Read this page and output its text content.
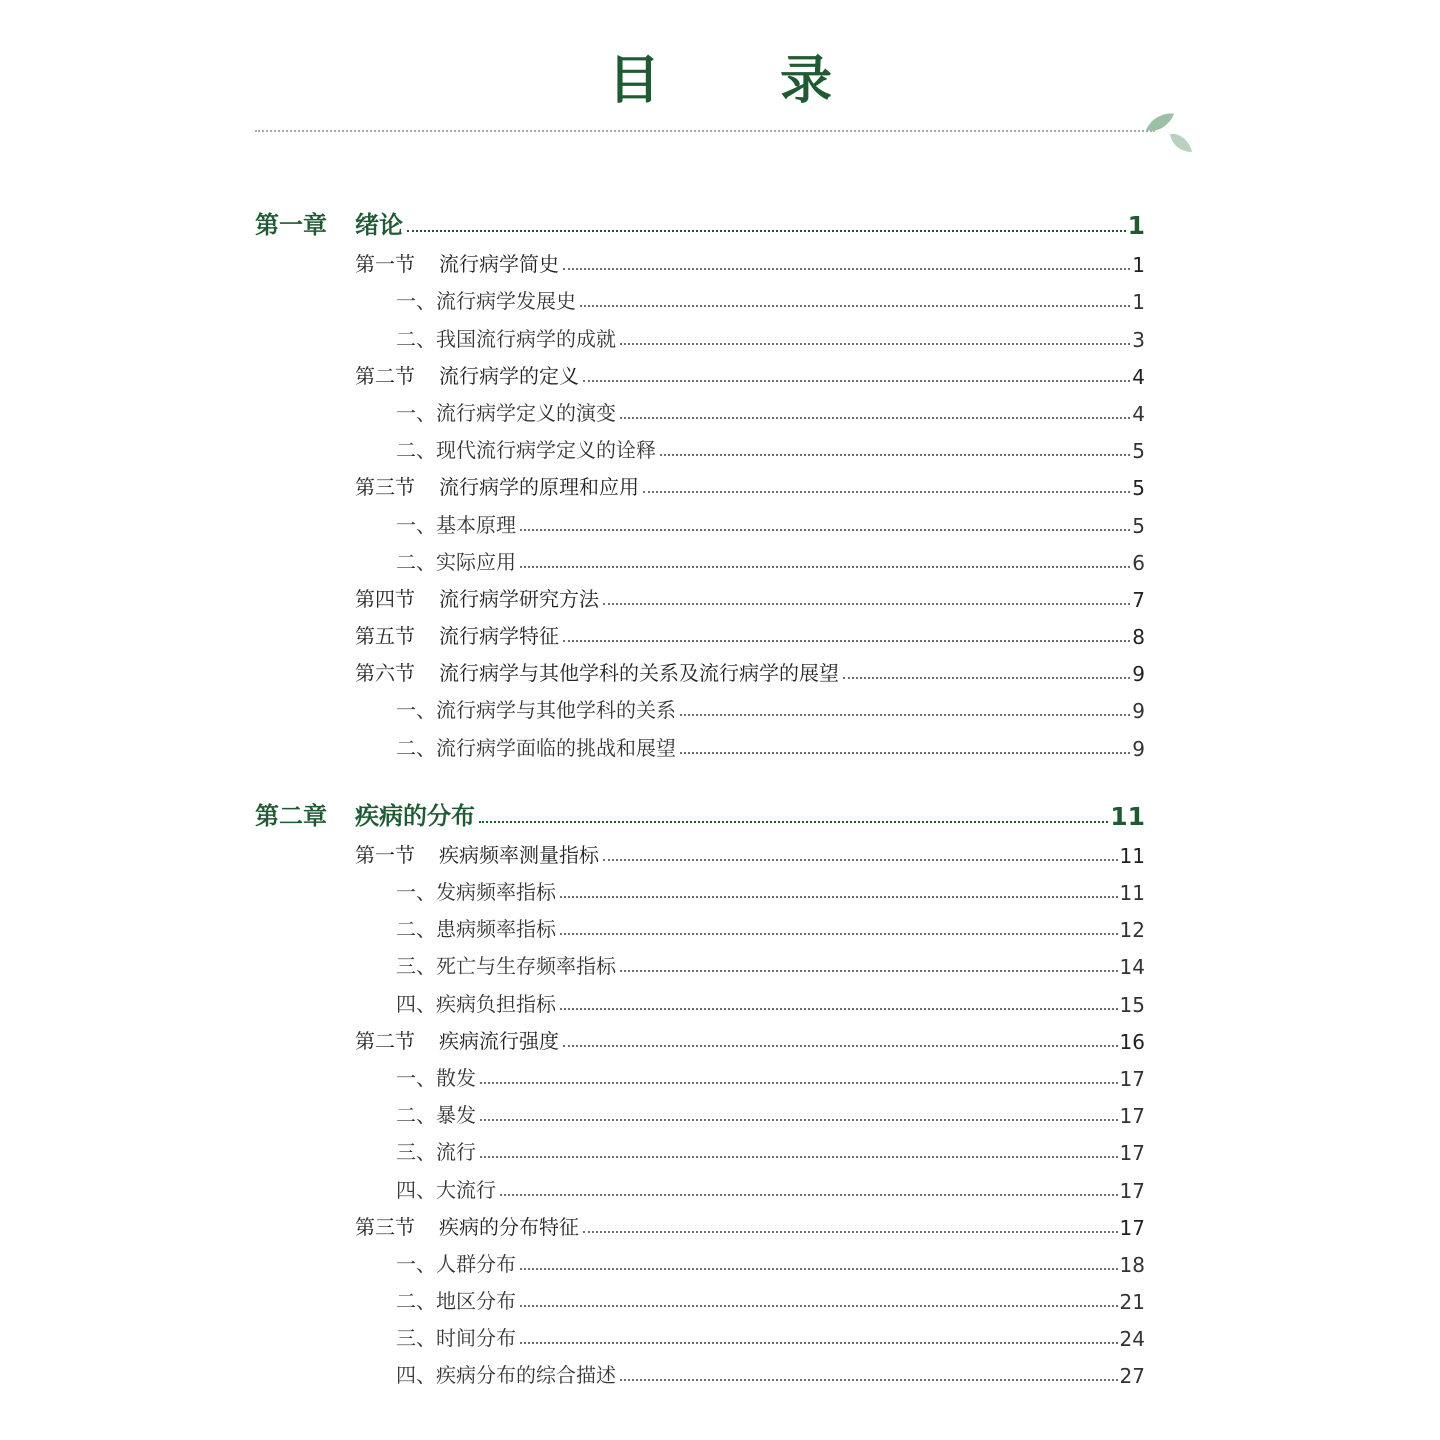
目　录
第一章	绪论	1
第一节	流行病学简史	1
一、流行病学发展史	1
二、我国流行病学的成就	3
第二节	流行病学的定义	4
一、流行病学定义的演变	4
二、现代流行病学定义的诠释	5
第三节	流行病学的原理和应用	5
一、基本原理	5
二、实际应用	6
第四节	流行病学研究方法	7
第五节	流行病学特征	8
第六节	流行病学与其他学科的关系及流行病学的展望	9
一、流行病学与其他学科的关系	9
二、流行病学面临的挑战和展望	9
第二章	疾病的分布	11
第一节	疾病频率测量指标	11
一、发病频率指标	11
二、患病频率指标	12
三、死亡与生存频率指标	14
四、疾病负担指标	15
第二节	疾病流行强度	16
一、散发	17
二、暴发	17
三、流行	17
四、大流行	17
第三节	疾病的分布特征	17
一、人群分布	18
二、地区分布	21
三、时间分布	24
四、疾病分布的综合描述	27
